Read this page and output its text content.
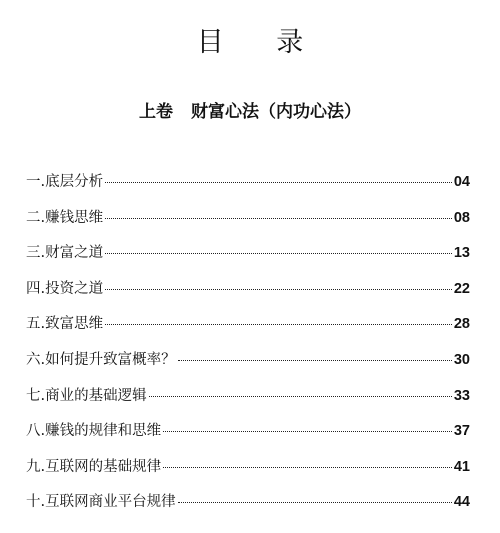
目 录
上卷 财富心法（内功心法）
一.底层分析	04
二.赚钱思维	08
三.财富之道	13
四.投资之道	22
五.致富思维	28
六.如何提升致富概率？	30
七.商业的基础逻辑	33
八.赚钱的规律和思维	37
九.互联网的基础规律	41
十.互联网商业平台规律	44
